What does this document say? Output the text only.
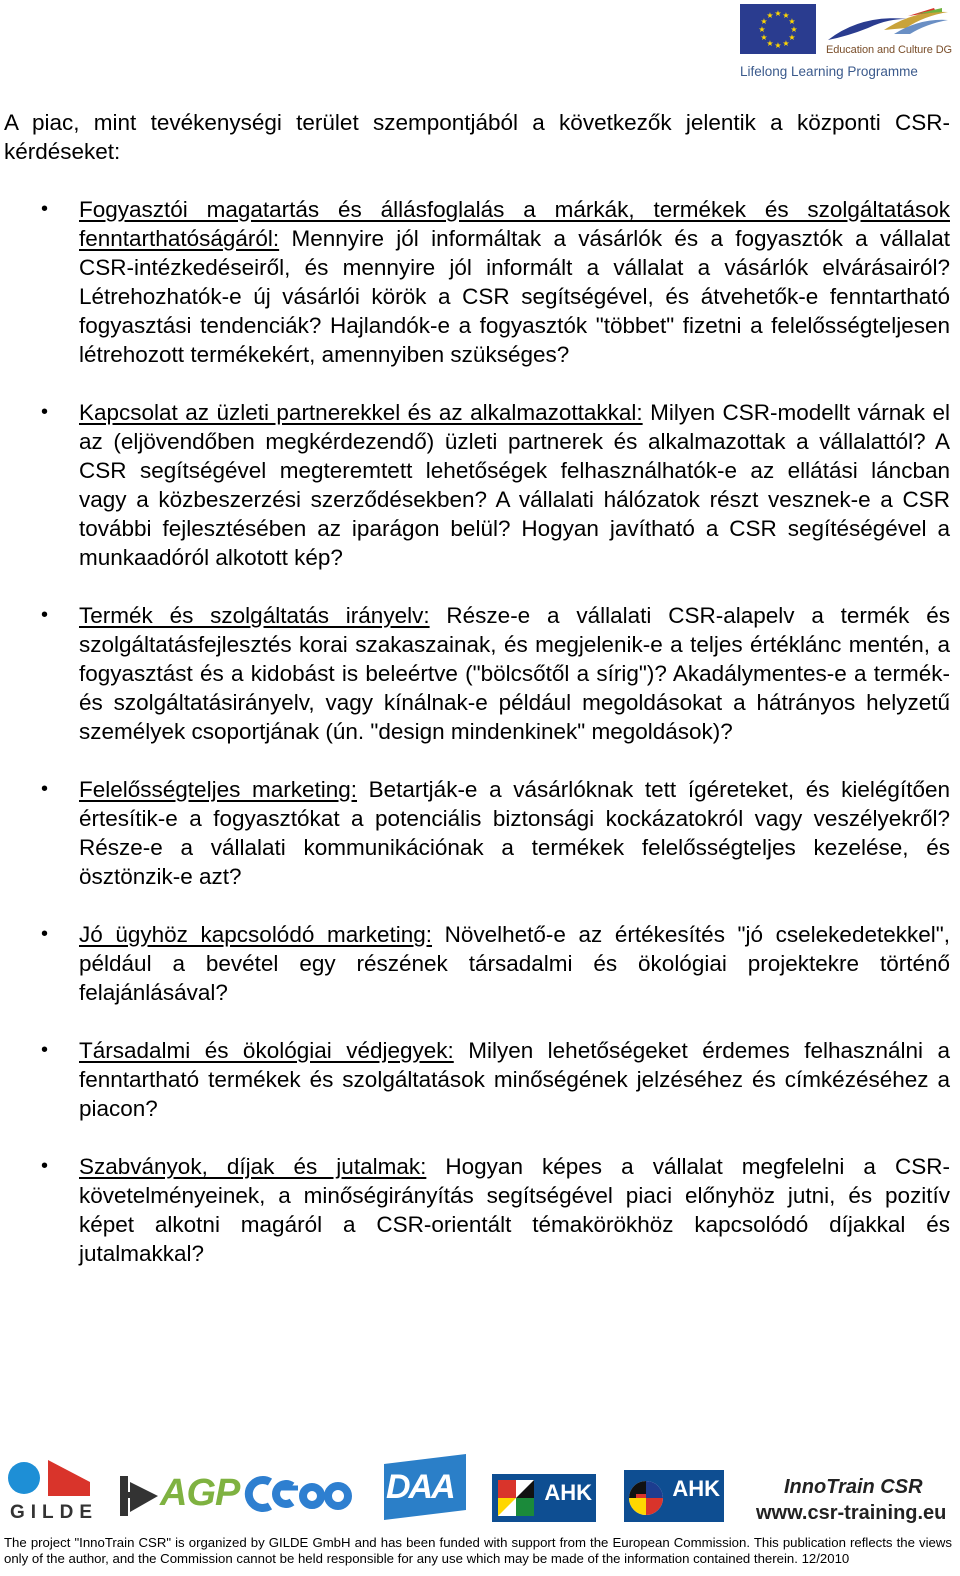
★ ★
★
★
★
★
★
★
★
★
★
★
Education and Culture DG
Lifelong Learning Programme

A piac, mint tevékenységi terület szempontjából a következők jelentik a központi CSR-kérdéseket:

• Fogyasztói magatartás és állásfoglalás a márkák, termékek és szolgáltatások fenntarthatóságáról: Mennyire jól informáltak a vásárlók és a fogyasztók a vállalat CSR-intézkedéseiről, és mennyire jól informált a vállalat a vásárlók elvárásairól? Létrehozhatók-e új vásárlói körök a CSR segítségével, és átvehetők-e fenntartható fogyasztási tendenciák? Hajlandók-e a fogyasztók "többet" fizetni a felelősségteljesen létrehozott termékekért, amennyiben szükséges?
• Kapcsolat az üzleti partnerekkel és az alkalmazottakkal: Milyen CSR-modellt várnak el az (eljövendőben megkérdezendő) üzleti partnerek és alkalmazottak a vállalattól? A CSR segítségével megteremtett lehetőségek felhasználhatók-e az ellátási láncban vagy a közbeszerzési szerződésekben? A vállalati hálózatok részt vesznek-e a CSR további fejlesztésében az iparágon belül? Hogyan javítható a CSR segítéségével a munkaadóról alkotott kép?
• Termék és szolgáltatás irányelv: Része-e a vállalati CSR-alapelv a termék és szolgáltatásfejlesztés korai szakaszainak, és megjelenik-e a teljes értéklánc mentén, a fogyasztást és a kidobást is beleértve ("bölcsőtől a sírig")? Akadálymentes-e a termék- és szolgáltatásirányelv, vagy kínálnak-e például megoldásokat a hátrányos helyzetű személyek csoportjának (ún. "design mindenkinek" megoldások)?
• Felelősségteljes marketing: Betartják-e a vásárlóknak tett ígéreteket, és kielégítően értesítik-e a fogyasztókat a potenciális biztonsági kockázatokról vagy veszélyekről? Része-e a vállalati kommunikációnak a termékek felelősségteljes kezelése, és ösztönzik-e azt?
• Jó ügyhöz kapcsolódó marketing: Növelhető-e az értékesítés "jó cselekedetekkel", például a bevétel egy részének társadalmi és ökológiai projektekre történő felajánlásával?
• Társadalmi és ökológiai védjegyek: Milyen lehetőségeket érdemes felhasználni a fenntartható termékek és szolgáltatások minőségének jelzéséhez és címkézéséhez a piacon?
• Szabványok, díjak és jutalmak: Hogyan képes a vállalat megfelelni a CSR-követelményeinek, a minőségirányítás segítségével piaci előnyhöz jutni, és pozitív képet alkotni magáról a CSR-orientált témakörökhöz kapcsolódó díjakkal és jutalmakkal?
GILDE AGP	DAA	AHK	AHK	InnoTrain CSR
www.csr-training.eu
The project "InnoTrain CSR" is organized by GILDE GmbH and has been funded with support from the European Commission. This publication reflects the views only of the author, and the Commission cannot be held responsible for any use which may be made of the information contained therein. 12/2010
